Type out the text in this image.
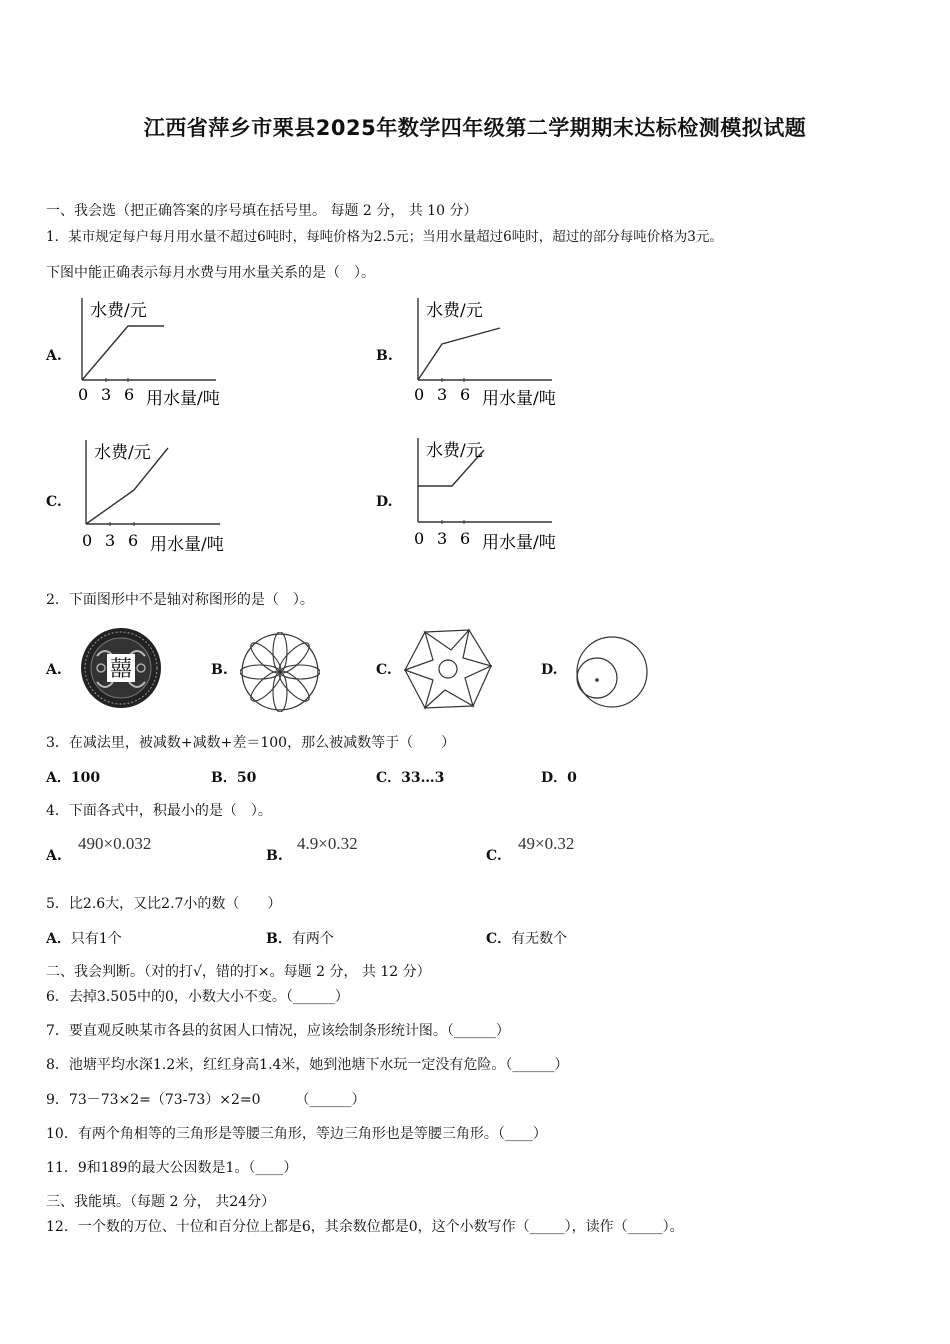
江西省萍乡市栗县2025年数学四年级第二学期期末达标检测模拟试题
一、我会选（把正确答案的序号填在括号里。 每题 2 分， 共 10 分）
1．某市规定每户每月用水量不超过6吨时，每吨价格为2.5元；当用水量超过6吨时，超过的部分每吨价格为3元。
下图中能正确表示每月水费与用水量关系的是（　）。
A.
水费/元
0 3 6 用水量/吨
B.
水费/元
0 3 6 用水量/吨
C.
水费/元
0 3 6 用水量/吨
D.
水费/元
0 3 6 用水量/吨
2．下面图形中不是轴对称图形的是（　）。
A. 囍	B.	C.	D.
3．在减法里，被减数+减数+差＝100，那么被减数等于（　　）
A．100	B．50	C．33…3	D．0
4．下面各式中，积最小的是（　）。
A.
490×0.032
B.
4.9×0.32
C.
49×0.32
5．比2.6大，又比2.7小的数（　　）
A．只有1个	B．有两个	C．有无数个
二、我会判断。（对的打√，错的打×。每题 2 分， 共 12 分）
6．去掉3.505中的0，小数大小不变。（______）
7．要直观反映某市各县的贫困人口情况，应该绘制条形统计图。（______）
8．池塘平均水深1.2米，红红身高1.4米，她到池塘下水玩一定没有危险。（______）
9．73－73×2=（73-73）×2=0　　　（______）
10．有两个角相等的三角形是等腰三角形，等边三角形也是等腰三角形。（____）
11．9和189的最大公因数是1。（____）
三、我能填。（每题 2 分， 共24分）
12．一个数的万位、十位和百分位上都是6，其余数位都是0，这个小数写作（_____），读作（_____）。
